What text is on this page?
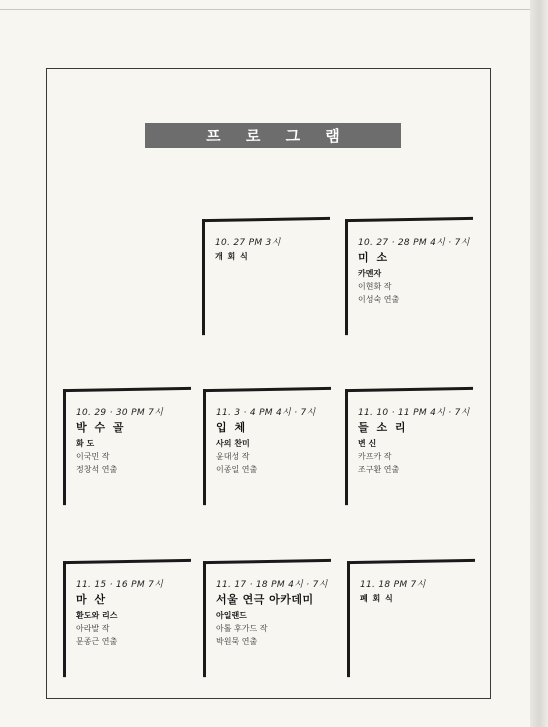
프 로 그 램
10. 27 PM 3시
개 회 식
10. 27 · 28 PM 4시 · 7시
미 소
카멘자
이현화 작
이성숙 연출
10. 29 · 30 PM 7시
박 수 골
화 도
이국민 작
정창석 연출
11. 3 · 4 PM 4시 · 7시
입 체
사의 찬미
윤대성 작
이종일 연출
11. 10 · 11 PM 4시 · 7시
들 소 리
변 신
카프카 작
조구환 연출
11. 15 · 16 PM 7시
마 산
환도와 리스
아라발 작
문종근 연출
11. 17 · 18 PM 4시 · 7시
서울 연극 아카데미
아일랜드
아톨 후가드 작
박원묵 연출
11. 18 PM 7시
폐 회 식
